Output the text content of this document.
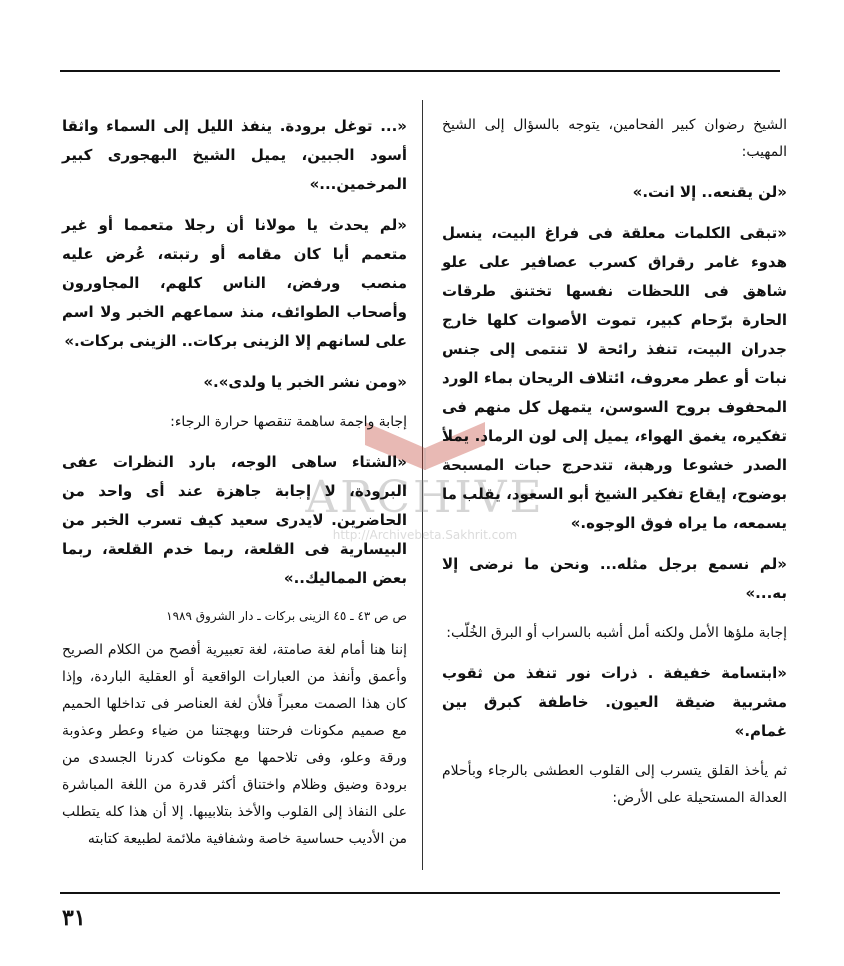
ARCHIVE
http://Archivebeta.Sakhrit.com

الشيخ رضوان كبير الفحامين، يتوجه بالسؤال إلى الشيخ المهيب:

«لن يقنعه.. إلا انت.»

«تبقى الكلمات معلقة فى فراغ البيت، ينسل هدوء غامر رقراق كسرب عصافير على علو شاهق فى اللحظات نفسها تختنق طرقات الحارة برّحام كبير، تموت الأصوات كلها خارج جدران البيت، تنفذ رائحة لا تنتمى إلى جنس نبات أو عطر معروف، ائتلاف الريحان بماء الورد المحفوف بروح السوسن، يتمهل كل منهم فى تفكيره، يغمق الهواء، يميل إلى لون الرماد. يملأ الصدر خشوعا ورهبة، تتدحرج حبات المسبحة بوضوح، إيقاع تفكير الشيخ أبو السعود، يقلب ما يسمعه، ما يراه فوق الوجوه.»

«لم نسمع برجل مثله... ونحن ما نرضى إلا به...»

إجابة ملؤها الأمل ولكنه أمل أشبه بالسراب أو البرق الخُلّب:

«ابتسامة خفيفة . ذرات نور تنفذ من ثقوب مشربية ضيقة العيون. خاطفة كبرق بين غمام.»

ثم يأخذ القلق يتسرب إلى القلوب العطشى بالرجاء وبأحلام العدالة المستحيلة على الأرض:

«... توغل برودة. ينفذ الليل إلى السماء واثقا أسود الجبين، يميل الشيخ البهجورى كبير المرخمين...»

«لم يحدث يا مولانا أن رجلا متعمما أو غير متعمم أيا كان مقامه أو رتبته، عُرض عليه منصب ورفض، الناس كلهم، المجاورون وأصحاب الطوائف، منذ سماعهم الخبر ولا اسم على لسانهم إلا الزينى بركات.. الزينى بركات.»

«ومن نشر الخبر يا ولدى».»

إجابة واجمة ساهمة تنقصها حرارة الرجاء:

«الشتاء ساهى الوجه، بارد النظرات عفى البرودة، لا إجابة جاهزة عند أى واحد من الحاضرين. لايدرى سعيد كيف تسرب الخبر من البيسارية فى القلعة، ربما خدم القلعة، ربما بعض المماليك..»

ص ص ٤٣ ـ ٤٥ الزينى بركات ـ دار الشروق ١٩٨٩

إننا هنا أمام لغة صامتة، لغة تعبيرية أفصح من الكلام الصريح وأعمق وأنفذ من العبارات الواقعية أو العقلية الباردة، وإذا كان هذا الصمت معبراً فلأن لغة العناصر فى تداخلها الحميم مع صميم مكونات فرحتنا وبهجتنا من ضياء وعطر وعذوبة ورقة وعلو، وفى تلاحمها مع مكونات كدرنا الجسدى من برودة وضيق وظلام واختناق أكثر قدرة من اللغة المباشرة على النفاذ إلى القلوب والأخذ بتلابيبها. إلا أن هذا كله يتطلب من الأديب حساسية خاصة وشفافية ملائمة لطبيعة كتابته

٣١
